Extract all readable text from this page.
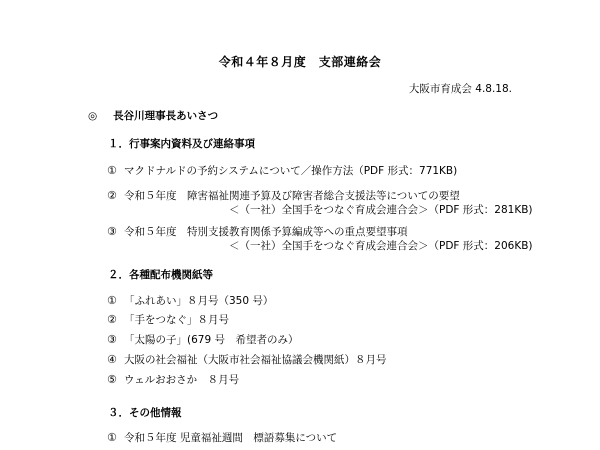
令和４年８月度　支部連絡会
大阪市育成会 4.8.18.
◎ 長谷川理事長あいさつ
１．行事案内資料及び連絡事項
① マクドナルドの予約システムについて／操作方法（PDF 形式：771KB)
② 令和５年度　障害福祉関連予算及び障害者総合支援法等についての要望
＜（一社）全国手をつなぐ育成会連合会＞（PDF 形式：281KB)
③ 令和５年度　特別支援教育関係予算編成等への重点要望事項
＜（一社）全国手をつなぐ育成会連合会＞（PDF 形式：206KB)
２．各種配布機関紙等
① 「ふれあい」８月号（350 号）
② 「手をつなぐ」８月号
③ 「太陽の子」(679 号　希望者のみ）
④ 大阪の社会福祉（大阪市社会福祉協議会機関紙）８月号
⑤ ウェルおおさか　８月号
３．その他情報
① 令和５年度 児童福祉週間　標語募集について
